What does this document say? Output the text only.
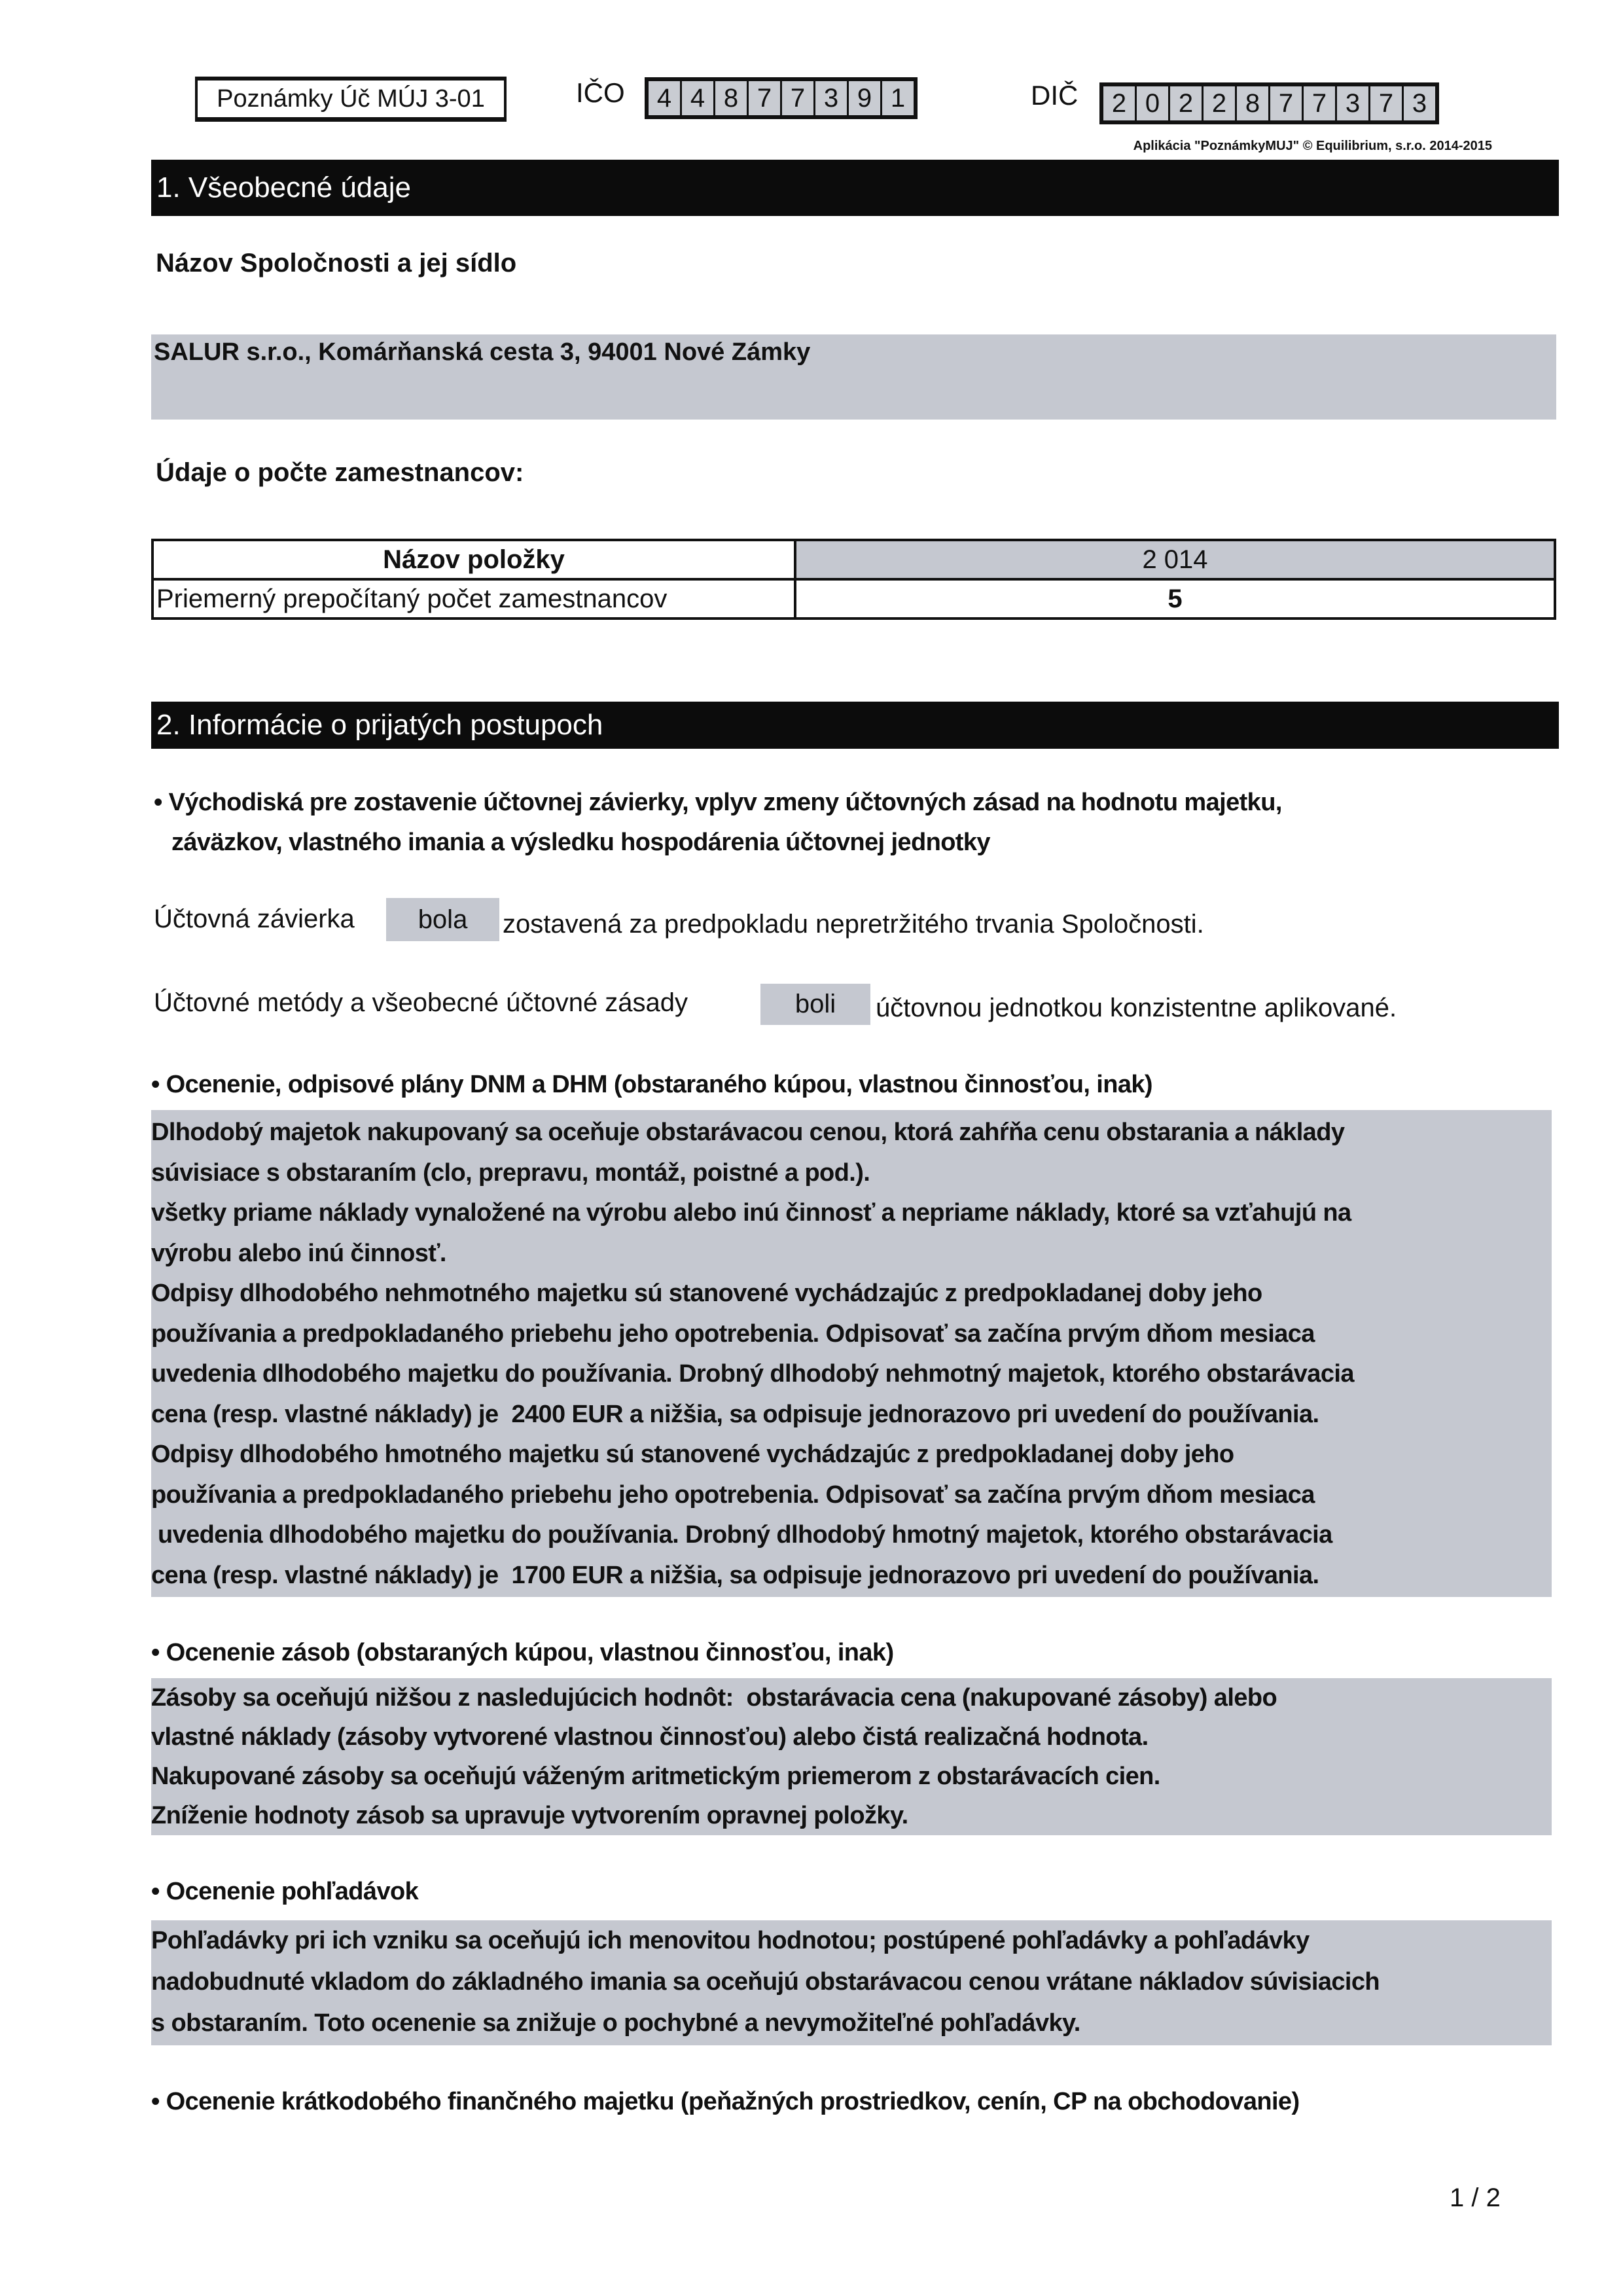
Poznámky Úč MÚJ 3-01	IČO	4 4 8 7 7 3 9 1	DIČ	2 0 2 2 8 7 7 3 7 3
Aplikácia "PoznámkyMUJ" © Equilibrium, s.r.o. 2014-2015
1. Všeobecné údaje
Názov Spoločnosti a jej sídlo
SALUR s.r.o., Komárňanská cesta 3, 94001 Nové Zámky
Údaje o počte zamestnancov:
Názov položky	2 014
Priemerný prepočítaný počet zamestnancov	5
2. Informácie o prijatých postupoch
• Východiská pre zostavenie účtovnej závierky, vplyv zmeny účtovných zásad na hodnotu majetku,
záväzkov, vlastného imania a výsledku hospodárenia účtovnej jednotky
Účtovná závierka	bola	zostavená za predpokladu nepretržitého trvania Spoločnosti.
Účtovné metódy a všeobecné účtovné zásady	boli	účtovnou jednotkou konzistentne aplikované.
• Ocenenie, odpisové plány DNM a DHM (obstaraného kúpou, vlastnou činnosťou, inak)
Dlhodobý majetok nakupovaný sa oceňuje obstarávacou cenou, ktorá zahŕňa cenu obstarania a náklady
súvisiace s obstaraním (clo, prepravu, montáž, poistné a pod.).
všetky priame náklady vynaložené na výrobu alebo inú činnosť a nepriame náklady, ktoré sa vzťahujú na
výrobu alebo inú činnosť.
Odpisy dlhodobého nehmotného majetku sú stanovené vychádzajúc z predpokladanej doby jeho
používania a predpokladaného priebehu jeho opotrebenia. Odpisovať sa začína prvým dňom mesiaca
uvedenia dlhodobého majetku do používania. Drobný dlhodobý nehmotný majetok, ktorého obstarávacia
cena (resp. vlastné náklady) je  2400 EUR a nižšia, sa odpisuje jednorazovo pri uvedení do používania.
Odpisy dlhodobého hmotného majetku sú stanovené vychádzajúc z predpokladanej doby jeho
používania a predpokladaného priebehu jeho opotrebenia. Odpisovať sa začína prvým dňom mesiaca
uvedenia dlhodobého majetku do používania. Drobný dlhodobý hmotný majetok, ktorého obstarávacia
cena (resp. vlastné náklady) je  1700 EUR a nižšia, sa odpisuje jednorazovo pri uvedení do používania.
• Ocenenie zásob (obstaraných kúpou, vlastnou činnosťou, inak)
Zásoby sa oceňujú nižšou z nasledujúcich hodnôt:  obstarávacia cena (nakupované zásoby) alebo
vlastné náklady (zásoby vytvorené vlastnou činnosťou) alebo čistá realizačná hodnota.
Nakupované zásoby sa oceňujú váženým aritmetickým priemerom z obstarávacích cien.
Zníženie hodnoty zásob sa upravuje vytvorením opravnej položky.
• Ocenenie pohľadávok
Pohľadávky pri ich vzniku sa oceňujú ich menovitou hodnotou; postúpené pohľadávky a pohľadávky
nadobudnuté vkladom do základného imania sa oceňujú obstarávacou cenou vrátane nákladov súvisiacich
s obstaraním. Toto ocenenie sa znižuje o pochybné a nevymožiteľné pohľadávky.
• Ocenenie krátkodobého finančného majetku (peňažných prostriedkov, cenín, CP na obchodovanie)
1 / 2
